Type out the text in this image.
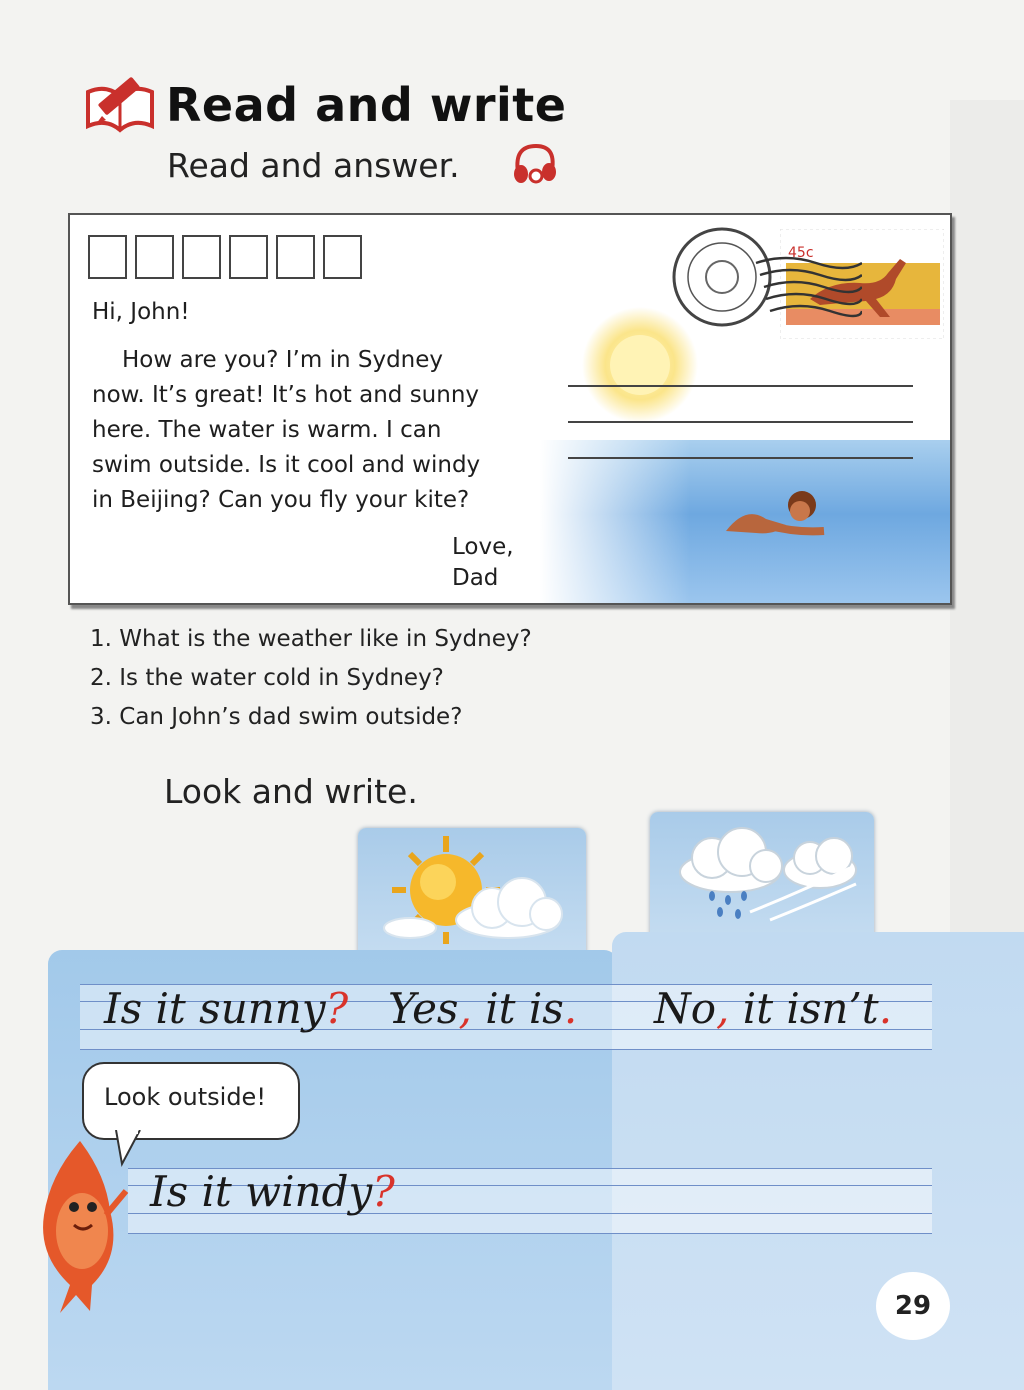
Read and write
Read and answer.
45c
Hi, John!
How are you? I’m in Sydney
now. It’s great! It’s hot and sunny
here. The water is warm. I can
swim outside. Is it cool and windy
in Beijing? Can you fly your kite?
Love,
Dad
1. What is the weather like in Sydney?
2. Is the water cold in Sydney?
3. Can John’s dad swim outside?
Look and write.
Is it sunny? Yes, it is. No, it isn’t.
Look outside!
Is it windy?
29
